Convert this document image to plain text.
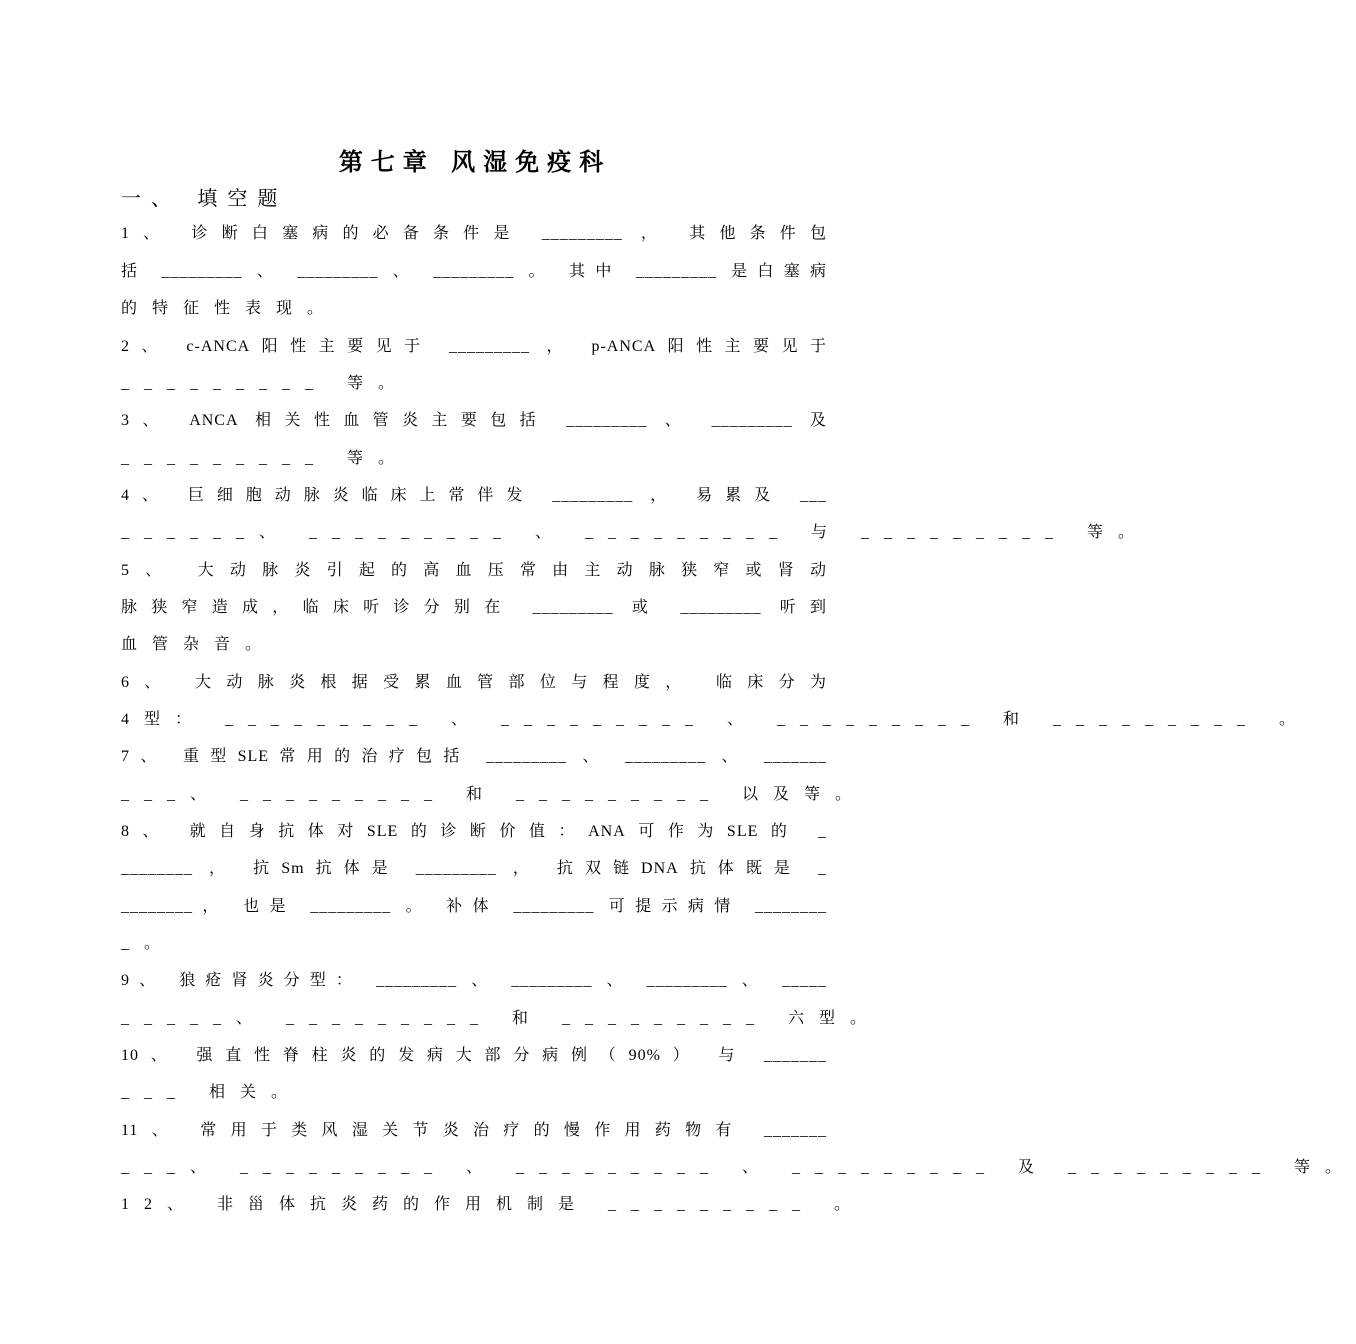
第七章 风湿免疫科
一、 填空题
1、 诊断白塞病的必备条件是 _________ ， 其他条件包
括 _________ 、 _________ 、 _________ 。 其中 _________ 是白塞病
的特征性表现。
2、 c-ANCA阳性主要见于 _________ ， p-ANCA阳性主要见于
_________ 等。
3、 ANCA 相关性血管炎主要包括 _________ 、 _________ 及
_________ 等。
4、 巨细胞动脉炎临床上常伴发 _________ ， 易累及 ___
______、 _________ 、 _________ 与 _________ 等。
5、 大动脉炎引起的高血压常由主动脉狭窄或肾动
脉狭窄造成，临床听诊分别在 _________ 或 _________ 听到
血管杂音。
6、 大动脉炎根据受累血管部位与程度， 临床分为
4型： _________ 、 _________ 、 _________ 和 _________ 。
7、 重型SLE常用的治疗包括 _________ 、 _________ 、 _______
___、 _________ 和 _________ 以及等。
8、 就自身抗体对SLE的诊断价值：ANA可作为SLE的 _
________ ， 抗Sm抗体是 _________ ， 抗双链DNA抗体既是 _
________， 也是 _________ 。 补体 _________ 可提示病情 ________
_。
9、 狼疮肾炎分型： _________ 、 _________ 、 _________ 、 _____
_____、 _________ 和 _________ 六型。
10、 强直性脊柱炎的发病大部分病例（90%） 与 _______
___ 相关。
11、 常用于类风湿关节炎治疗的慢作用药物有 _______
___、 _________ 、 _________ 、 _________ 及 _________ 等。
12、 非甾体抗炎药的作用机制是 _________ 。
